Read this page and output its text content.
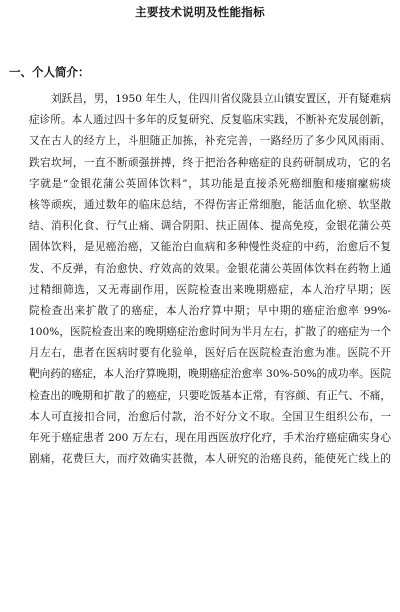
主要技术说明及性能指标
一、个人简介：

刘跃昌，男，1950 年生人，住四川省仪陇县立山镇安置区，开有疑难病
症诊所。本人通过四十多年的反复研究、反复临床实践，不断补充发展创新，
又在古人的经方上，斗胆随正加拣，补充完善，一路经历了多少风风雨雨、
跌宕坎坷，一直不断顽强拼搏，终于把治各种癌症的良药研制成功，它的名
字就是“金银花蒲公英固体饮料”，其功能是直接杀死癌细胞和瘘瘤瘰疬痰
核等顽疾，通过数年的临床总结，不得伤害正常细胞，能活血化瘀、软坚散
结、消积化食、行气止痛、调合阴阳、扶正固体、提高免疫，金银花蒲公英
固体饮料，是见癌治癌，又能治白血病和多种慢性炎症的中药，治愈后不复
发、不反弹，有治愈快、疗效高的效果。金银花蒲公英固体饮料在药物上通
过精细筛选，又无毒副作用，医院检查出来晚期癌症，本人治疗早期；医
院检查出来扩散了的癌症，本人治疗算中期；早中期的癌症治愈率 99%-
100%，医院检查出来的晚期癌症治愈时间为半月左右，扩散了的癌症为一个
月左右，患者在医病时要有化验单，医好后在医院检查治愈为准。医院不开
靶向药的癌症，本人治疗算晚期，晚期癌症治愈率 30%-50%的成功率。医院
检查出的晚期和扩散了的癌症，只要吃饭基本正常，有容颜、有正气、不痛，
本人可直接扣合同，治愈后付款，治不好分文不取。全国卫生组织公布，一
年死于癌症患者 200 万左右，现在用西医放疗化疗，手术治疗癌症确实身心
剧痛，花费巨大，而疗效确实甚微，本人研究的治癌良药，能使死亡线上的
